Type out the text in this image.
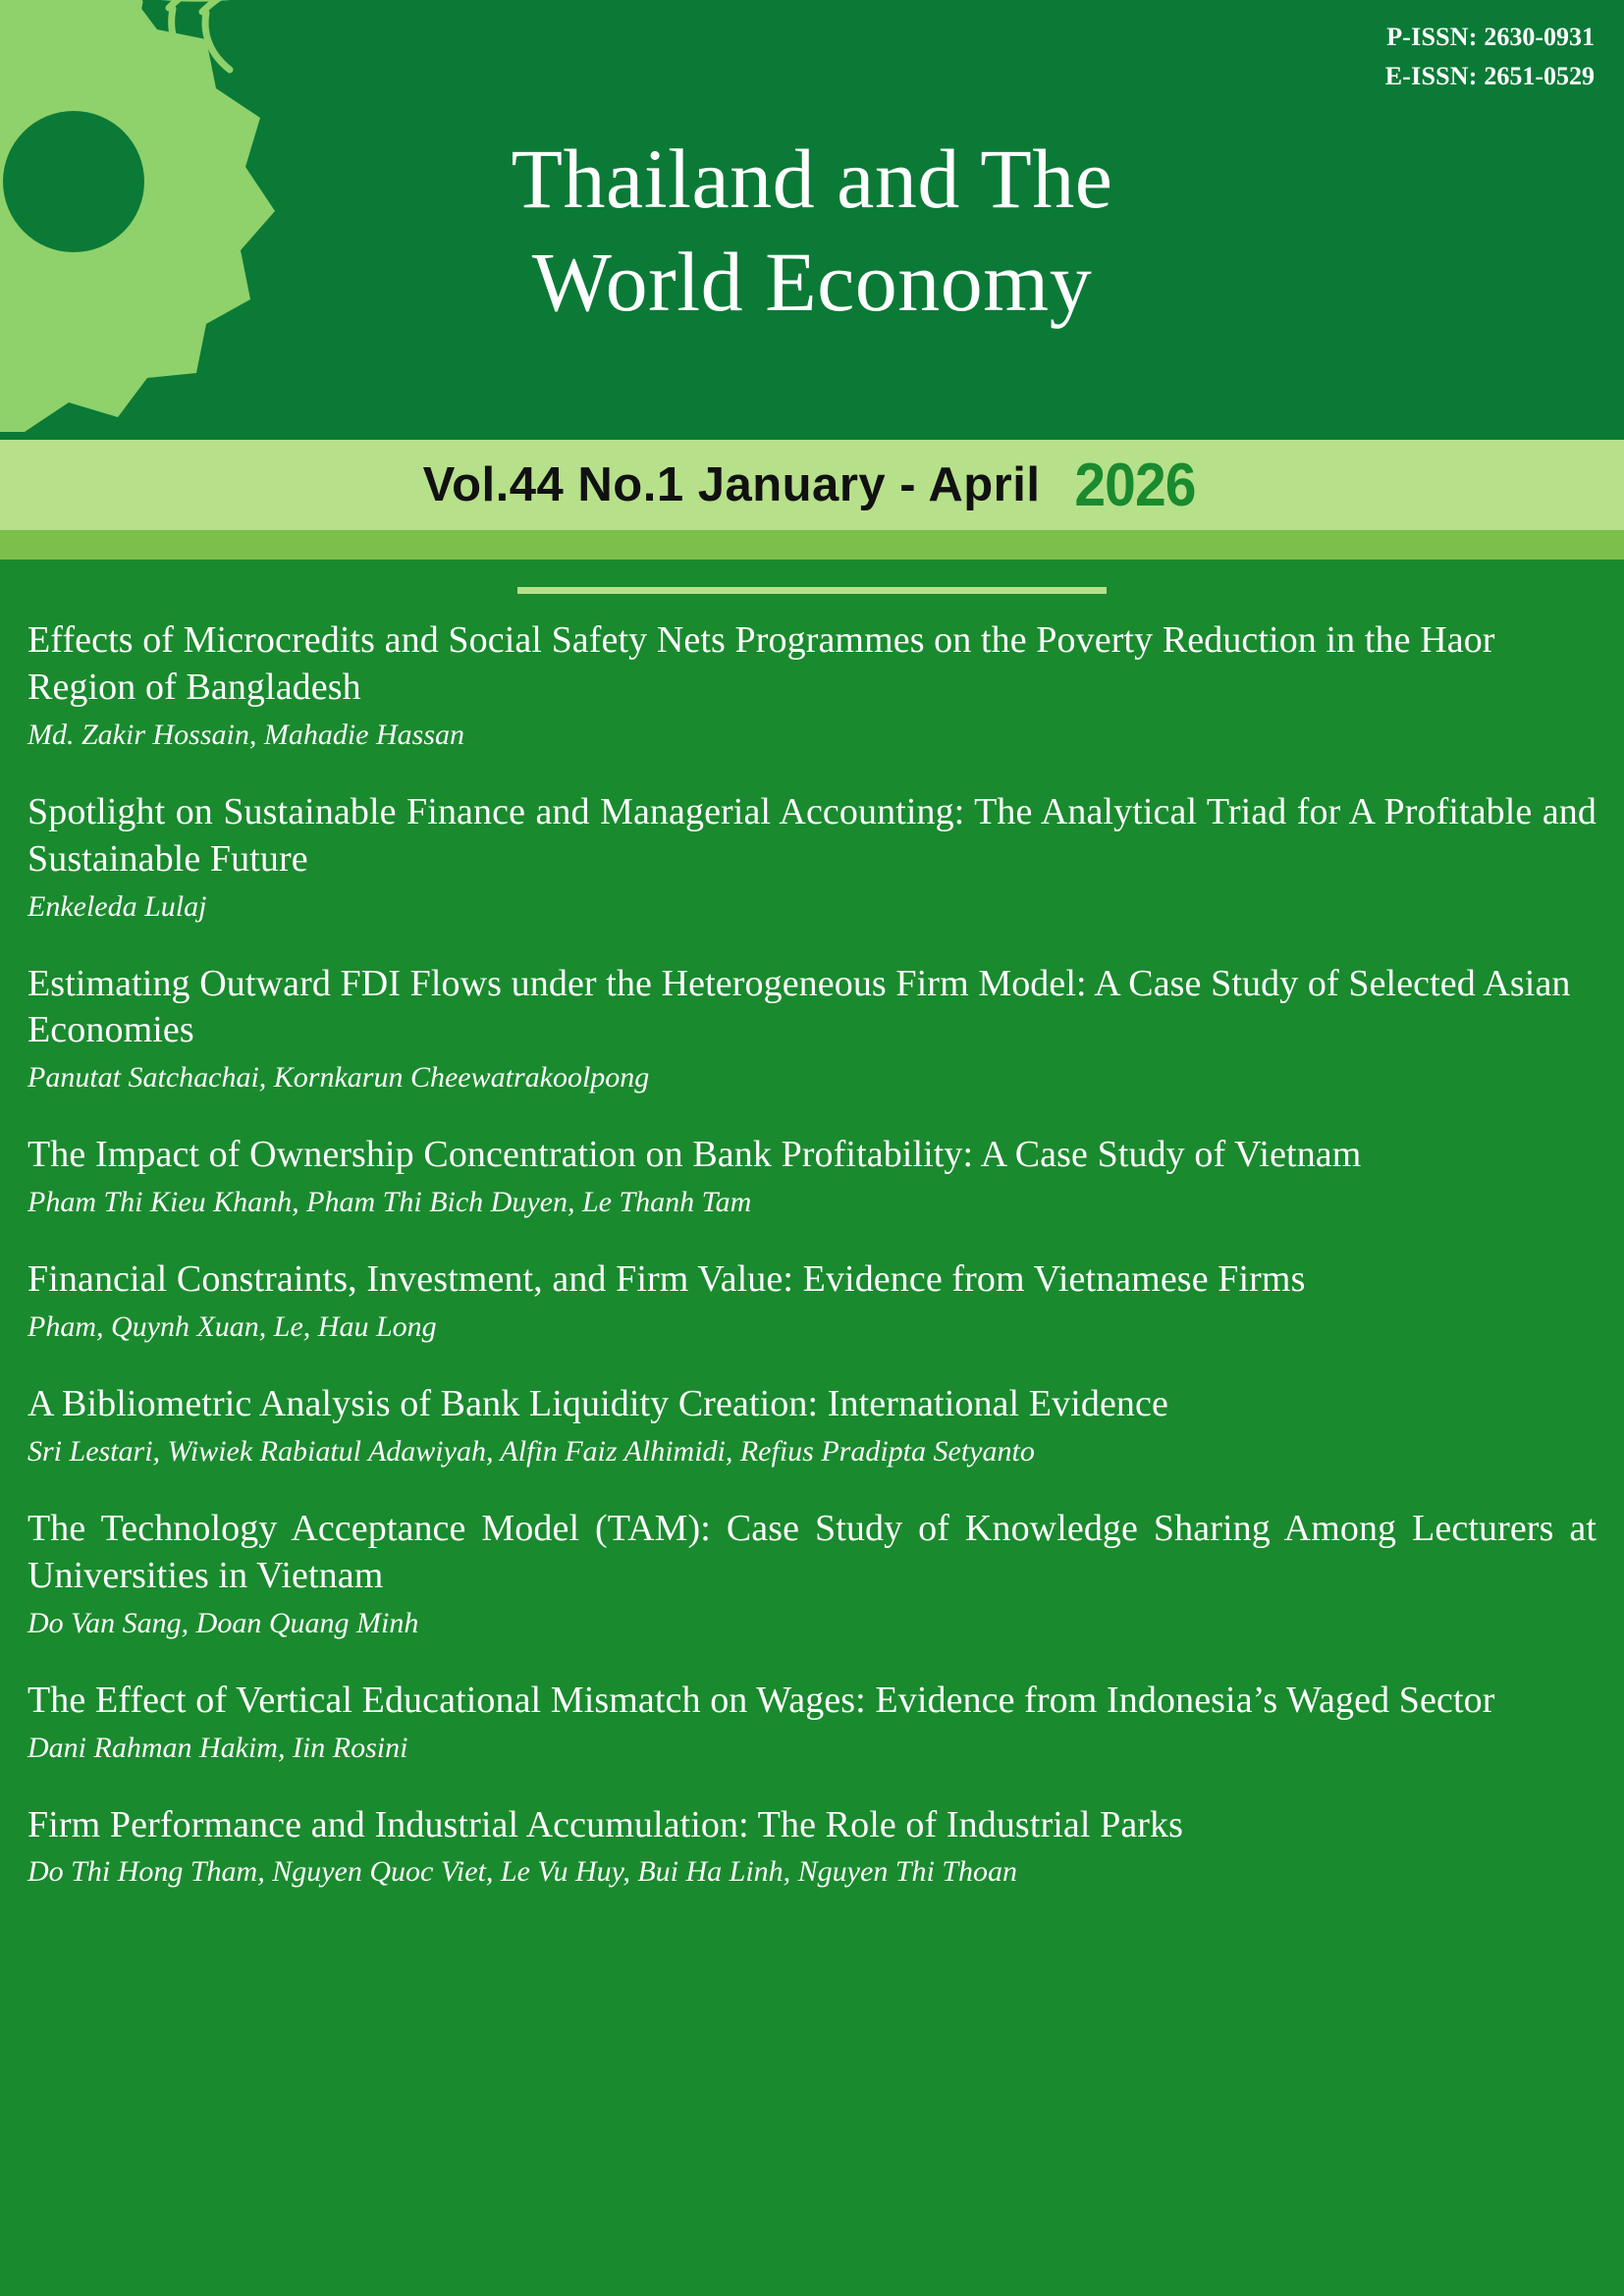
P-ISSN: 2630-0931
E-ISSN: 2651-0529
Thailand and The
World Economy
Vol.44 No.1 January - April 2026
Effects of Microcredits and Social Safety Nets Programmes on the Poverty Reduction in the Haor Region of Bangladesh
Md. Zakir Hossain, Mahadie Hassan
Spotlight on Sustainable Finance and Managerial Accounting: The Analytical Triad for A Profitable and Sustainable Future
Enkeleda Lulaj
Estimating Outward FDI Flows under the Heterogeneous Firm Model: A Case Study of Selected Asian Economies
Panutat Satchachai, Kornkarun Cheewatrakoolpong
The Impact of Ownership Concentration on Bank Profitability: A Case Study of Vietnam
Pham Thi Kieu Khanh, Pham Thi Bich Duyen, Le Thanh Tam
Financial Constraints, Investment, and Firm Value: Evidence from Vietnamese Firms
Pham, Quynh Xuan, Le, Hau Long
A Bibliometric Analysis of Bank Liquidity Creation: International Evidence
Sri Lestari, Wiwiek Rabiatul Adawiyah, Alfin Faiz Alhimidi, Refius Pradipta Setyanto
The Technology Acceptance Model (TAM): Case Study of Knowledge Sharing Among Lecturers at Universities in Vietnam
Do Van Sang, Doan Quang Minh
The Effect of Vertical Educational Mismatch on Wages: Evidence from Indonesia’s Waged Sector
Dani Rahman Hakim, Iin Rosini
Firm Performance and Industrial Accumulation: The Role of Industrial Parks
Do Thi Hong Tham, Nguyen Quoc Viet, Le Vu Huy, Bui Ha Linh, Nguyen Thi Thoan
